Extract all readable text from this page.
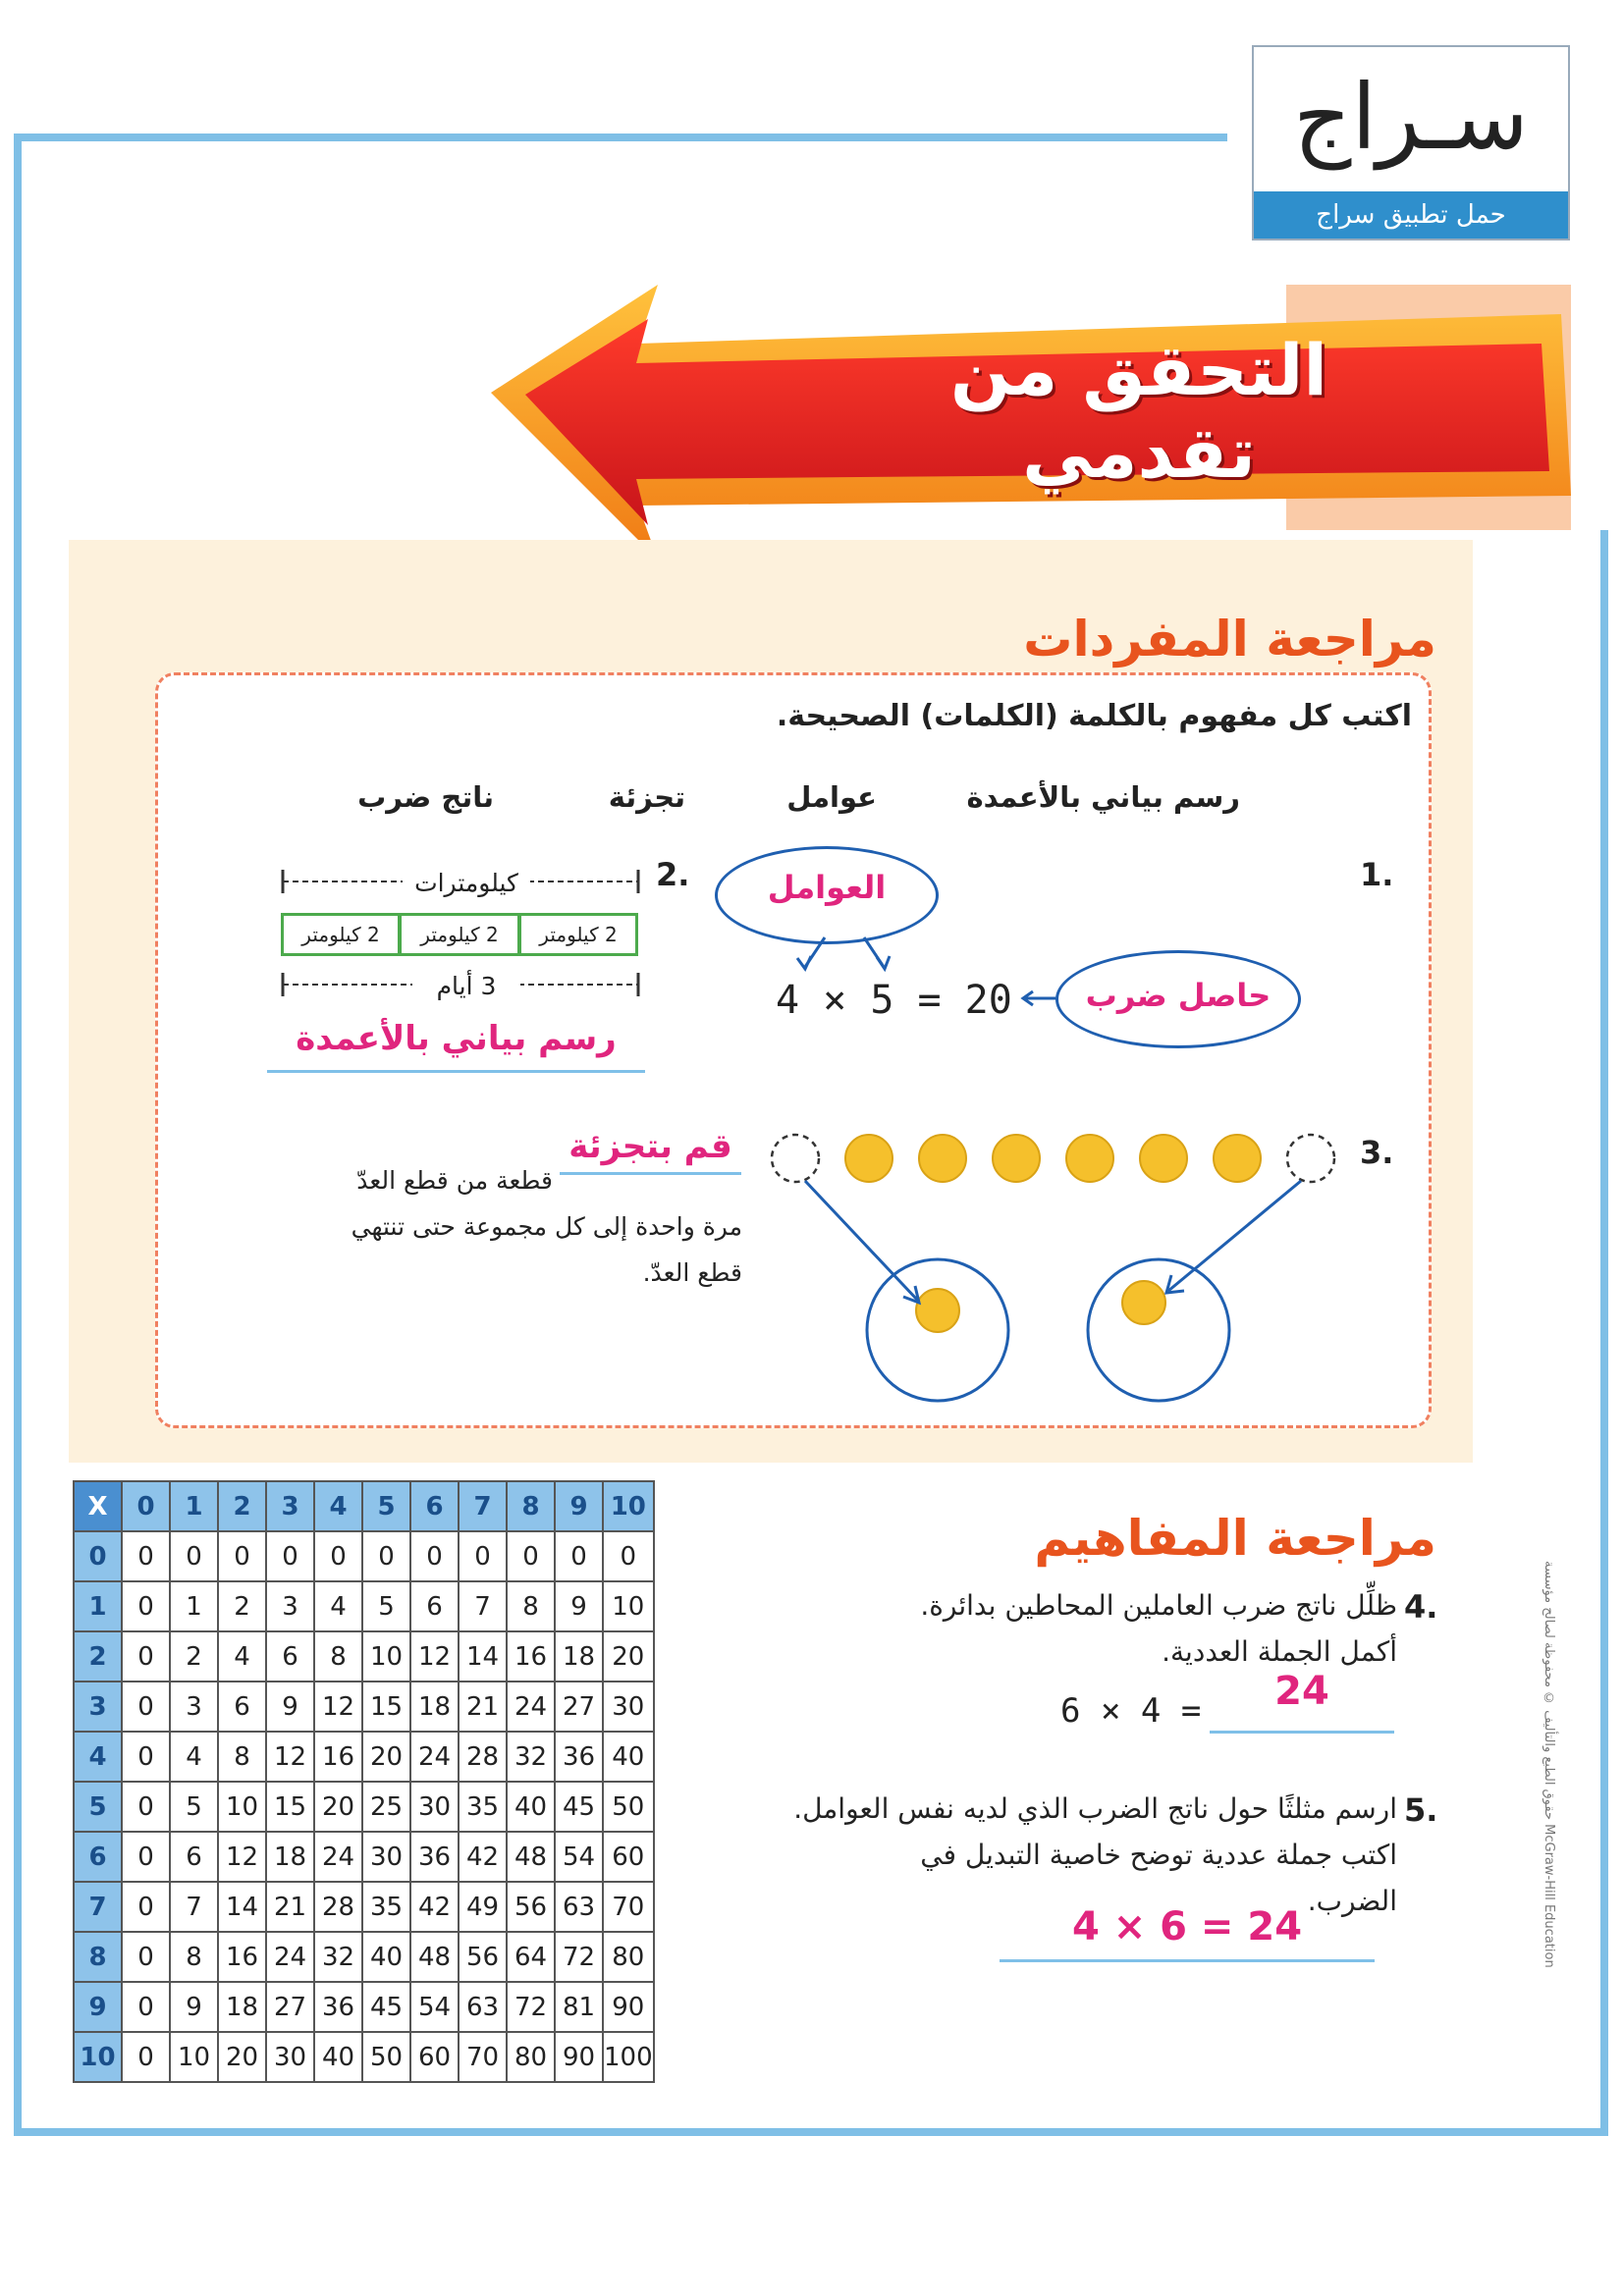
سـراج
حمل تطبيق سراج
التحقق من تقدمي
مراجعة المفردات
اكتب كل مفهوم بالكلمة (الكلمات) الصحيحة.
رسم بياني بالأعمدة
عوامل
تجزئة
ناتج ضرب
1.
العوامل
حاصل ضرب
4 × 5 = 20
2.
كيلومترات
2 كيلومتر
2 كيلومتر
2 كيلومتر
3 أيام
رسم بياني بالأعمدة
3.
قم بتجزئة
قطعة من قطع العدّ
مرة واحدة إلى كل مجموعة حتى تنتهي
قطع العدّ.
X	0	1	2	3	4	5	6	7	8	9	10
0	0	0	0	0	0	0	0	0	0	0	0
1	0	1	2	3	4	5	6	7	8	9	10
2	0	2	4	6	8	10	12	14	16	18	20
3	0	3	6	9	12	15	18	21	24	27	30
4	0	4	8	12	16	20	24	28	32	36	40
5	0	5	10	15	20	25	30	35	40	45	50
6	0	6	12	18	24	30	36	42	48	54	60
7	0	7	14	21	28	35	42	49	56	63	70
8	0	8	16	24	32	40	48	56	64	72	80
9	0	9	18	27	36	45	54	63	72	81	90
10	0	10	20	30	40	50	60	70	80	90	100
مراجعة المفاهيم
4.
ظلِّل ناتج ضرب العاملين المحاطين بدائرة.
أكمل الجملة العددية.
6 × 4 =	24
5.
ارسم مثلثًا حول ناتج الضرب الذي لديه نفس العوامل.
اكتب جملة عددية توضح خاصية التبديل في
الضرب.
4 × 6 = 24
حقوق الطبع والتأليف © محفوظة لصالح مؤسسة McGraw-Hill Education
